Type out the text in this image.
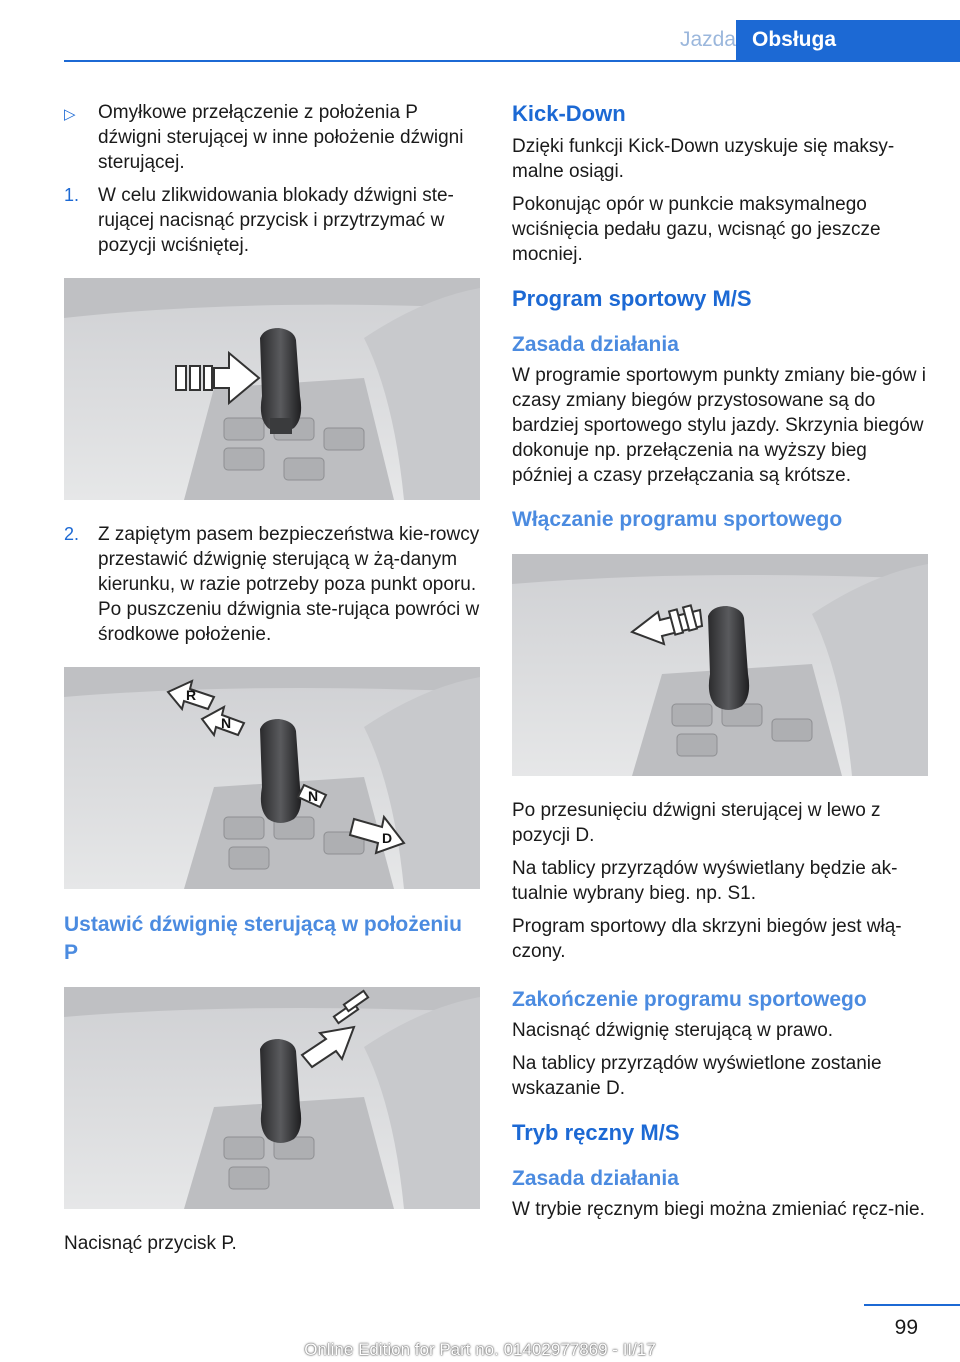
Jazda Obsługa
▷	Omyłkowe przełączenie z położenia P dźwigni sterującej w inne położenie dźwigni sterującej.
1. W celu zlikwidowania blokady dźwigni ste‐rującej nacisnąć przycisk i przytrzymać w pozycji wciśniętej.
2. Z zapiętym pasem bezpieczeństwa kie‐rowcy przestawić dźwignię sterującą w żą‐danym kierunku, w razie potrzeby poza punkt oporu. Po puszczeniu dźwignia ste‐rująca powróci w środkowe położenie.
R
N
N
D
Ustawić dźwignię sterującą w położeniu P

Nacisnąć przycisk P.

Kick-Down

Dzięki funkcji Kick-Down uzyskuje się maksy‐malne osiągi.

Pokonując opór w punkcie maksymalnego wciśnięcia pedału gazu, wcisnąć go jeszcze mocniej.

Program sportowy M/S
Zasada działania

W programie sportowym punkty zmiany bie‐gów i czasy zmiany biegów przystosowane są do bardziej sportowego stylu jazdy. Skrzynia biegów dokonuje np. przełączenia na wyższy bieg później a czasy przełączania są krótsze.

Włączanie programu sportowego

Po przesunięciu dźwigni sterującej w lewo z pozycji D.

Na tablicy przyrządów wyświetlany będzie ak‐tualnie wybrany bieg. np. S1.

Program sportowy dla skrzyni biegów jest włą‐czony.

Zakończenie programu sportowego

Nacisnąć dźwignię sterującą w prawo.

Na tablicy przyrządów wyświetlone zostanie wskazanie D.

Tryb ręczny M/S
Zasada działania

W trybie ręcznym biegi można zmieniać ręcz‐nie.

99
Online Edition for Part no. 01402977869 - II/17
